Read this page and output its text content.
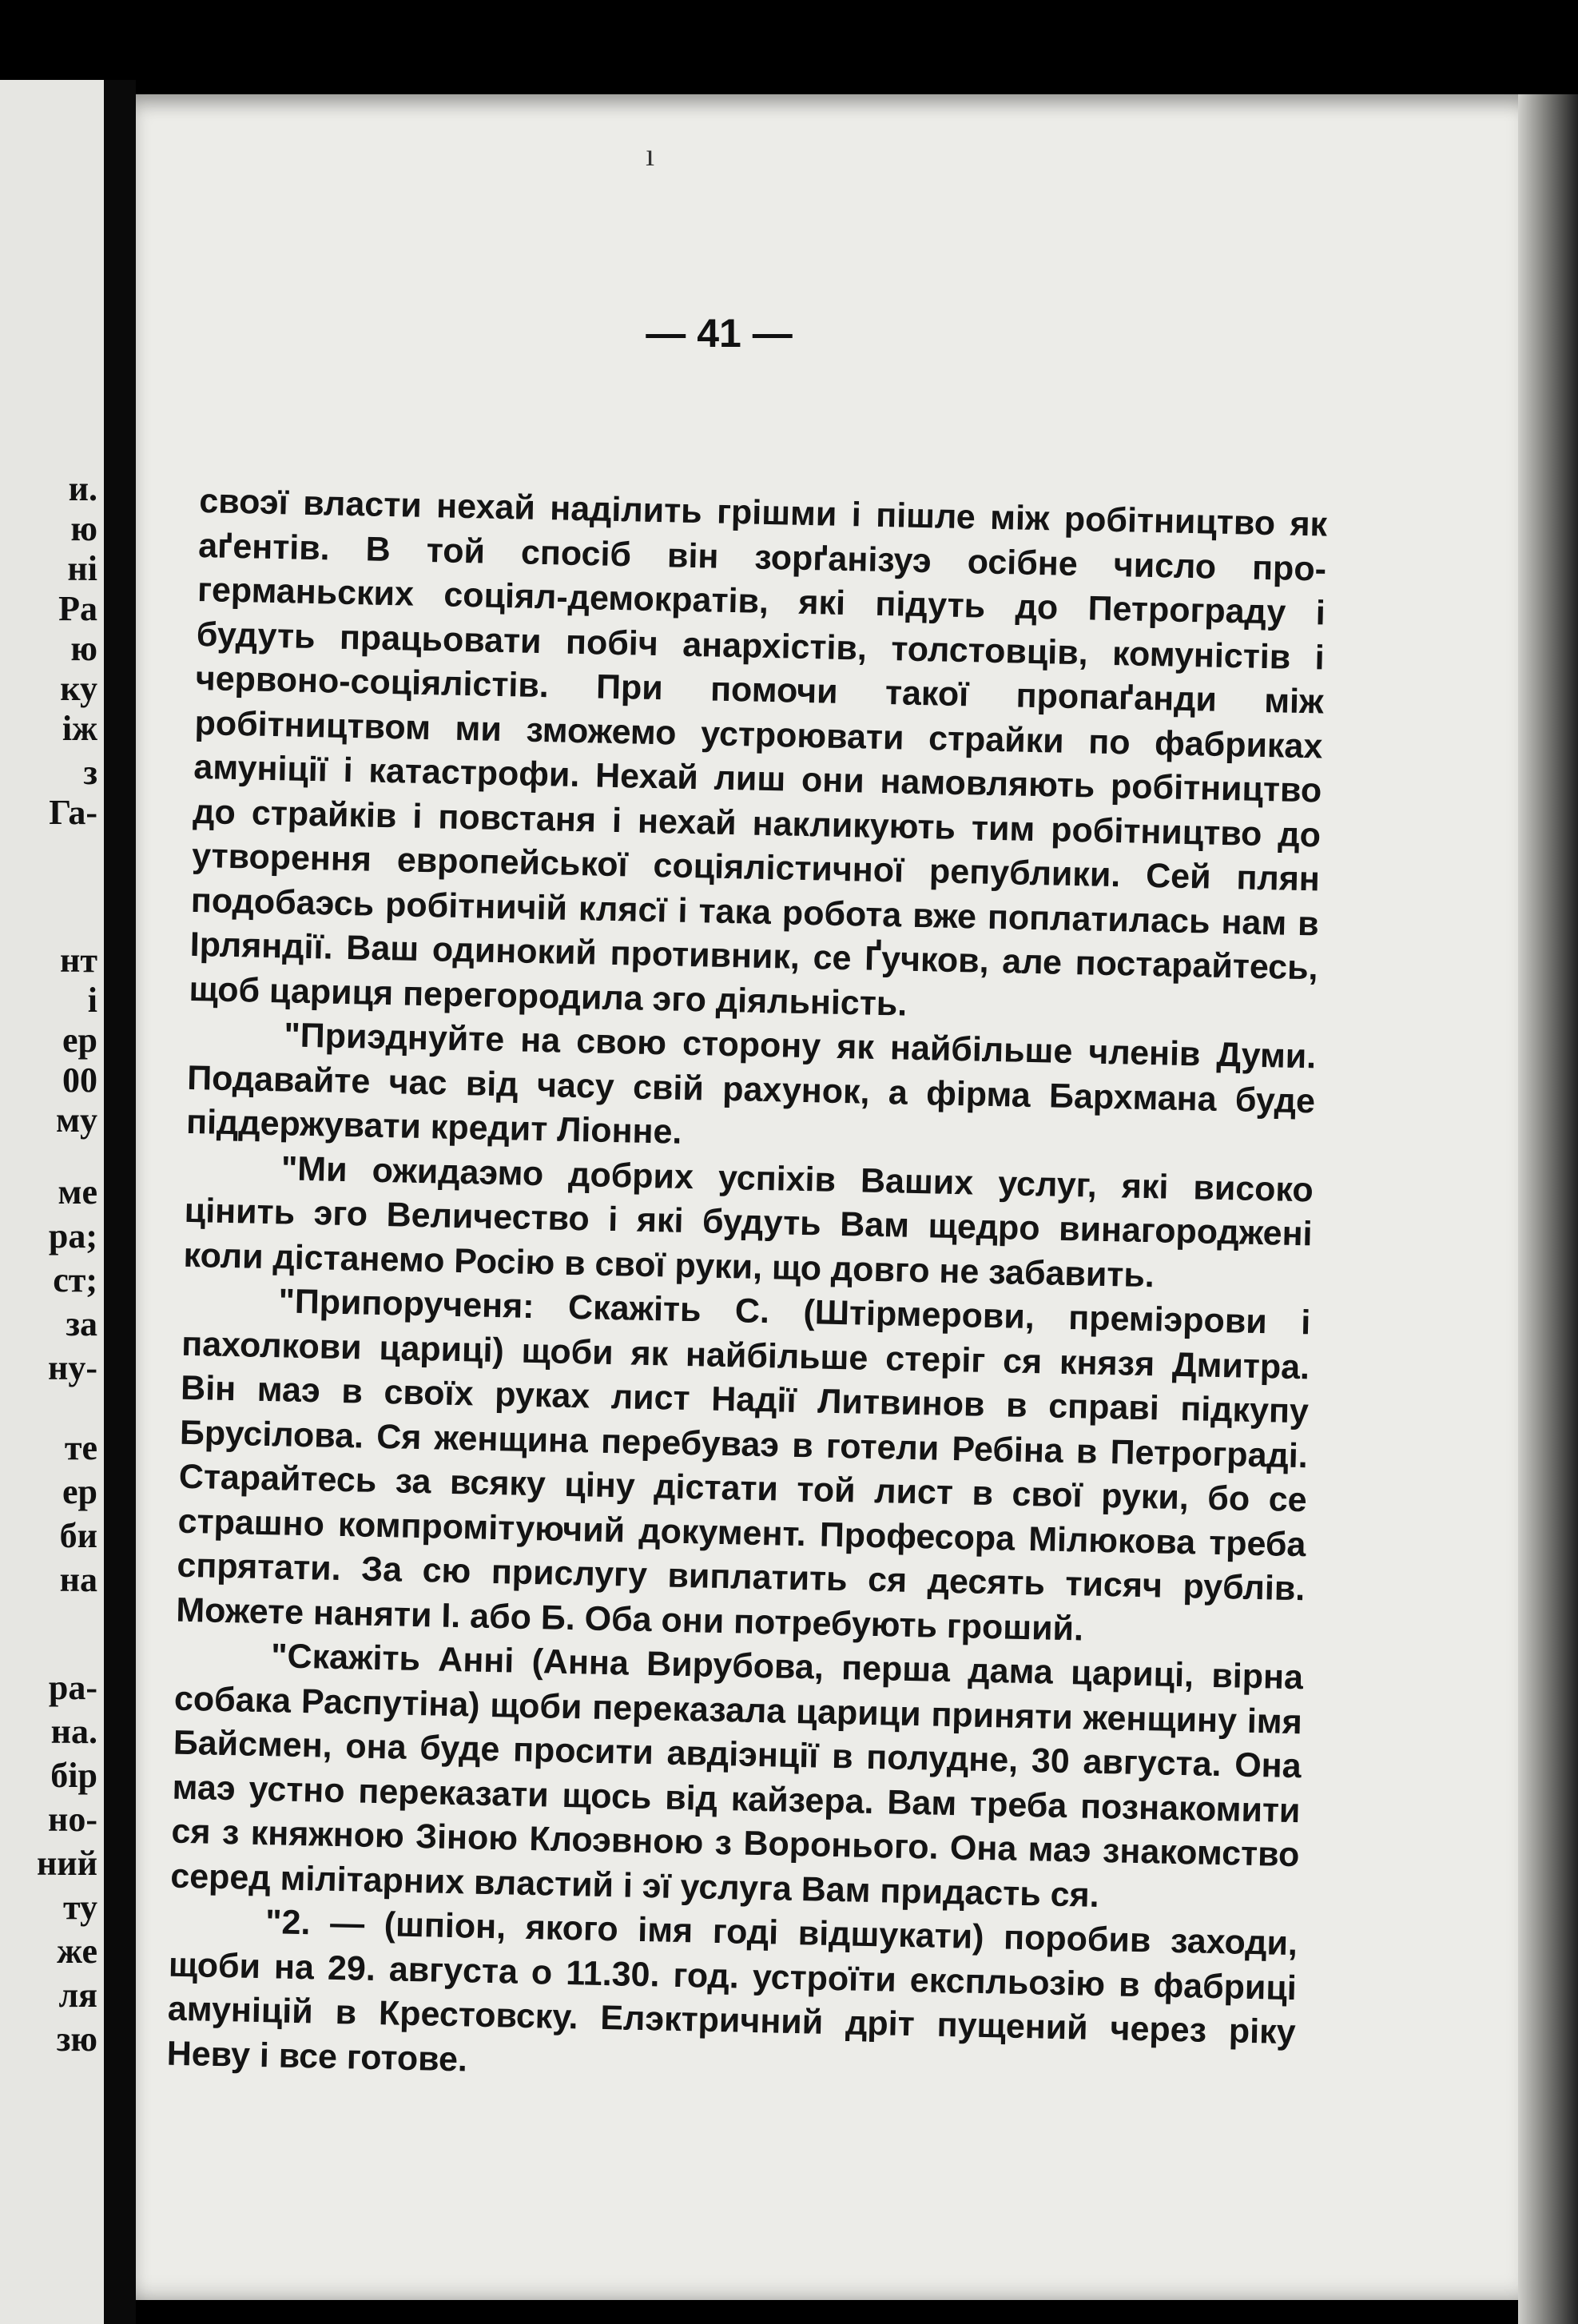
и.
ю
ні
Ра
ю
ку
іж
з
Га-
нт
і
ер
00
му
ме
ра;
ст;
за
ну-
те
ер
би
на
ра-
на.
бір
но-
ний
ту
же
ля
зю
ı
— 41 —

своэї власти нехай наділить грішми і пішле між робітництво як аґентів. В той спосіб він зорґанізуэ осібне число про-германьских соціял-демократів, які підуть до Петрограду і будуть працьовати побіч анархістів, толстовців, комуністів і червоно-соціялістів. При помочи такої пропаґанди між робітництвом ми зможемо устроювати страйки по фабриках амуніції і катастрофи. Нехай лиш они намовляють робітництво до страйків і повстаня і нехай накликують тим робітництво до утворення европейської соціялістичної републики. Сей плян подобаэсь робітничій клясї і така робота вже поплатилась нам в Ірляндії. Ваш одинокий противник, се Ґучков, але постарайтесь, щоб цариця перегородила эго діяльність.

"Приэднуйте на свою сторону як найбільше членів Думи. Подавайте час від часу свій рахунок, а фірма Бархмана буде піддержувати кредит Ліонне.

"Ми ожидаэмо добрих успіхів Ваших услуг, які високо цінить эго Величество і які будуть Вам щедро винагороджені коли дістанемо Росію в свої руки, що довго не забавить.

"Припорученя: Скажіть С. (Штірмерови, преміэрови і пахолкови цариці) щоби як найбільше стеріг ся князя Дмитра. Він маэ в своїх руках лист Надії Литвинов в справі підкупу Брусілова. Ся женщина перебуваэ в готели Ребіна в Петрограді. Старайтесь за всяку ціну дістати той лист в свої руки, бо се страшно компромітуючий документ. Професора Мілюкова треба спрятати. За сю прислугу виплатить ся десять тисяч рублів. Можете наняти І. або Б. Оба они потребують гроший.

"Скажіть Анні (Анна Вирубова, перша дама цариці, вірна собака Распутіна) щоби переказала царици приняти женщину імя Байсмен, она буде просити авдіэнції в полудне, 30 авгуcта. Она маэ устно переказати щось від кайзера. Вам треба познакомити ся з княжною Зіною Клоэвною з Воронього. Она маэ знакомство серед мілітарних властий і эї услуга Вам придасть ся.

"2. — (шпіон, якого імя годі відшукати) поробив заходи, щоби на 29. авгуcта о 11.30. год. устроїти експльозію в фабриці амуніцій в Крестовску. Елэктричний дріт пущений через ріку Неву і все готове.
